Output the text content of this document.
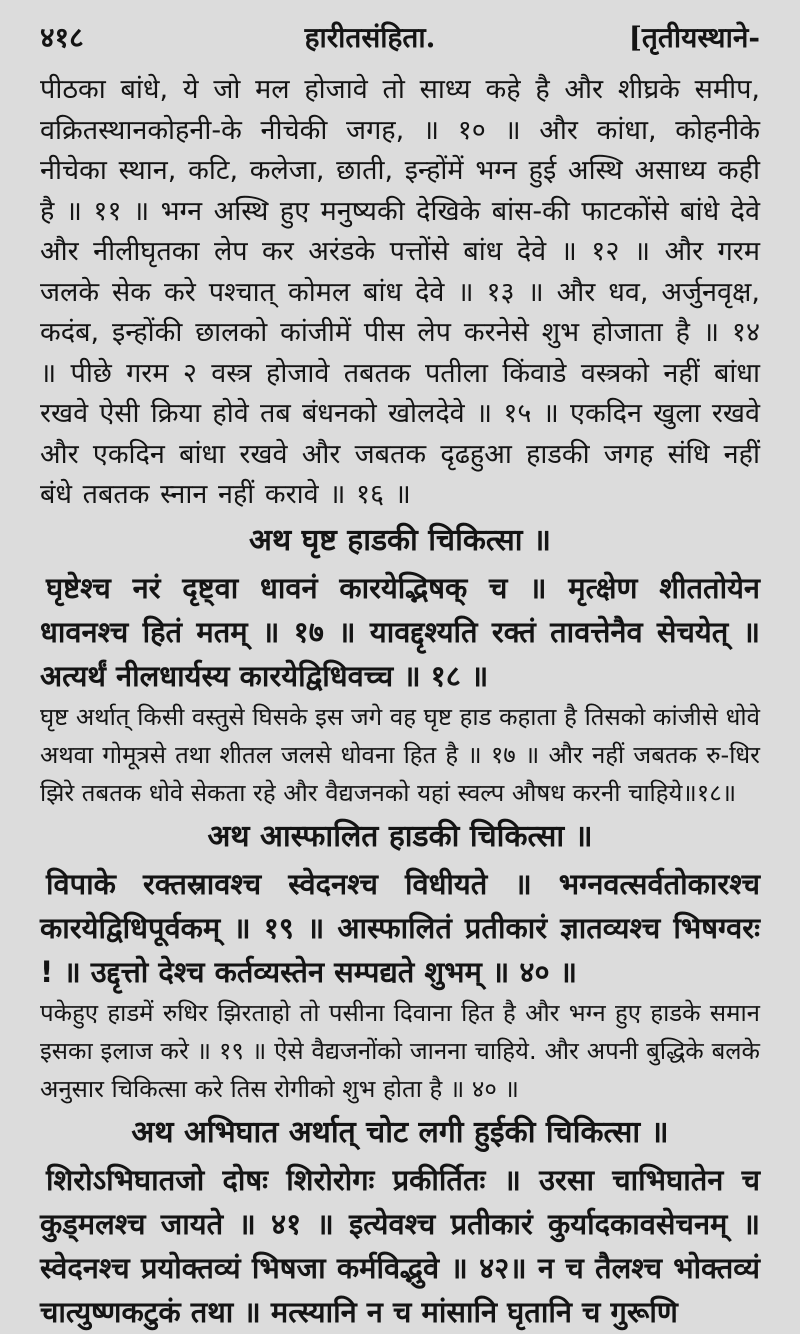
४१८	हारीतसंहिता.	[तृतीयस्थाने-

पीठका बांधे, ये जो मल होजावे तो साध्य कहे है और शीघ्रके समीप, वक्रितस्थानकोहनी-के नीचेकी जगह, ॥ १० ॥ और कांधा, कोहनीके नीचेका स्थान, कटि, कलेजा, छाती, इन्होंमें भग्न हुई अस्थि असाध्य कही है ॥ ११ ॥ भग्न अस्थि हुए मनुष्यकी देखिके बांस-की फाटकोंसे बांधे देवे और नीलीघृतका लेप कर अरंडके पत्तोंसे बांध देवे ॥ १२ ॥ और गरम जलके सेक करे पश्चात् कोमल बांध देवे ॥ १३ ॥ और धव, अर्जुनवृक्ष, कदंब, इन्होंकी छालको कांजीमें पीस लेप करनेसे शुभ होजाता है ॥ १४ ॥ पीछे गरम २ वस्त्र होजावे तबतक पतीला किंवाडे वस्त्रको नहीं बांधा रखवे ऐसी क्रिया होवे तब बंधनको खोलदेवे ॥ १५ ॥ एकदिन खुला रखवे और एकदिन बांधा रखवे और जबतक दृढहुआ हाडकी जगह संधि नहीं बंधे तबतक स्नान नहीं करावे ॥ १६ ॥

अथ घृष्ट हाडकी चिकित्सा ॥

घृष्टेश्च नरं दृष्ट्वा धावनं कारयेद्भिषक् च ॥ मृत्क्षेण शीततोयेन धावनश्च हितं मतम् ॥ १७ ॥ यावद्दृश्यति रक्तं तावत्तेनैव सेचयेत् ॥ अत्यर्थं नीलधार्यस्य कारयेद्विधिवच्च ॥ १८ ॥

घृष्ट अर्थात् किसी वस्तुसे घिसके इस जगे वह घृष्ट हाड कहाता है तिसको कांजीसे धोवे अथवा गोमूत्रसे तथा शीतल जलसे धोवना हित है ॥ १७ ॥ और नहीं जबतक रु-धिर झिरे तबतक धोवे सेकता रहे और वैद्यजनको यहां स्वल्प औषध करनी चाहिये॥१८॥

अथ आस्फालित हाडकी चिकित्सा ॥

विपाके रक्तस्रावश्च स्वेदनश्च विधीयते ॥ भग्नवत्सर्वतोकारश्च कारयेद्विधिपूर्वकम् ॥ १९ ॥ आस्फालितं प्रतीकारं ज्ञातव्यश्च भिषग्वरः ! ॥ उद्दृत्तो देश्च कर्तव्यस्तेन सम्पद्यते शुभम् ॥ ४० ॥

पकेहुए हाडमें रुधिर झिरताहो तो पसीना दिवाना हित है और भग्न हुए हाडके समान इसका इलाज करे ॥ १९ ॥ ऐसे वैद्यजनोंको जानना चाहिये. और अपनी बुद्धिके बलके अनुसार चिकित्सा करे तिस रोगीको शुभ होता है ॥ ४० ॥

अथ अभिघात अर्थात् चोट लगी हुईकी चिकित्सा ॥

शिरोऽभिघातजो दोषः शिरोरोगः प्रकीर्तितः ॥ उरसा चाभिघातेन च कुड्मलश्च जायते ॥ ४१ ॥ इत्येवश्च प्रतीकारं कुर्यादकावसेचनम् ॥ स्वेदनश्च प्रयोक्तव्यं भिषजा कर्मविद्भुवे ॥ ४२॥ न च तैलश्च भोक्तव्यं चात्युष्णकटुकं तथा ॥ मत्स्यानि न च मांसानि घृतानि च गुरूणि
